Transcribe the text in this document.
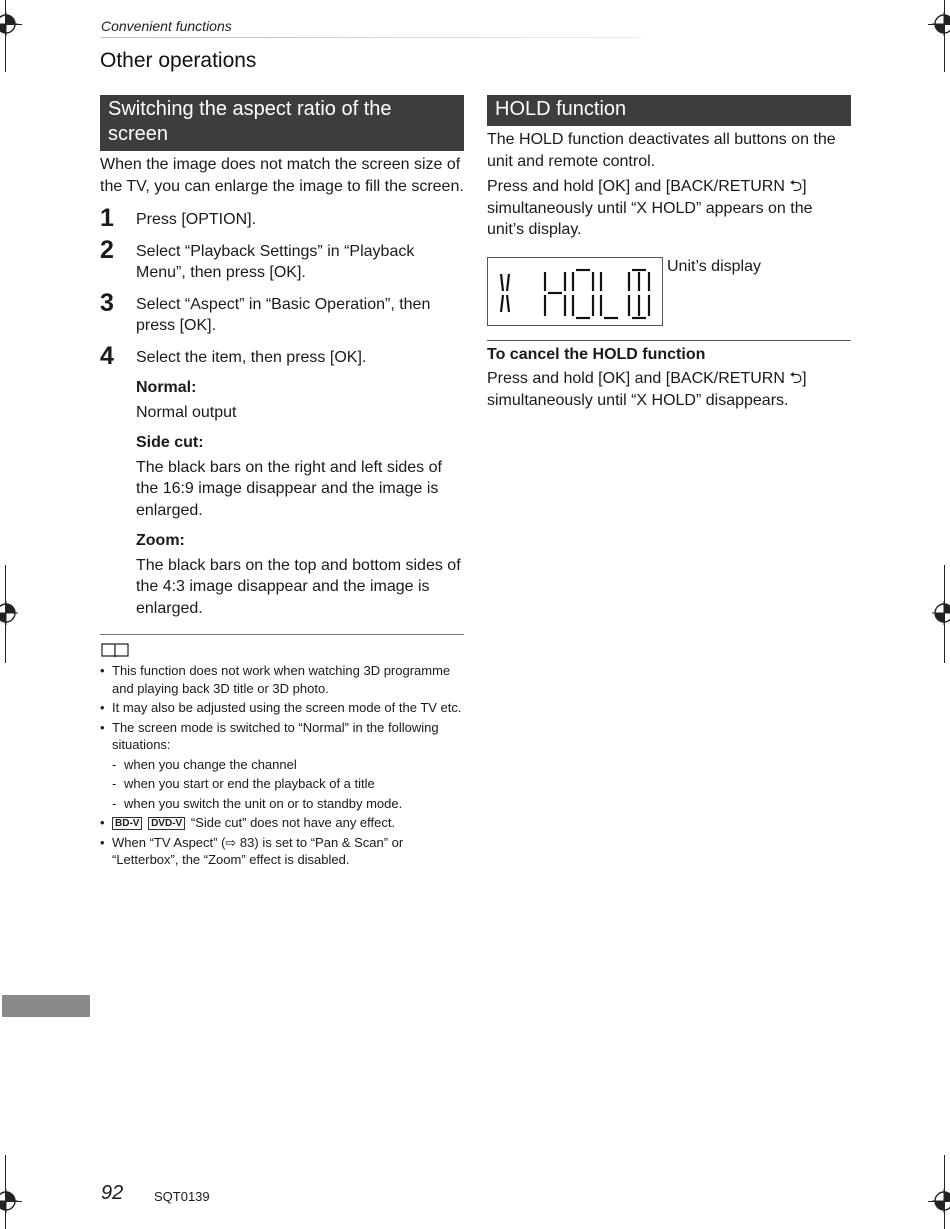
Convenient functions
Other operations
Switching the aspect ratio of the screen

When the image does not match the screen size of the TV, you can enlarge the image to fill the screen.

1 Press [OPTION].
2 Select “Playback Settings” in “Playback Menu”, then press [OK].
3 Select “Aspect” in “Basic Operation”, then press [OK].
4 Select the item, then press [OK].
Normal:
Normal output
Side cut:
The black bars on the right and left sides of the 16:9 image disappear and the image is enlarged.
Zoom:
The black bars on the top and bottom sides of the 4:3 image disappear and the image is enlarged.
• This function does not work when watching 3D programme and playing back 3D title or 3D photo.
• It may also be adjusted using the screen mode of the TV etc.
• The screen mode is switched to “Normal” in the following situations:
- when you change the channel
- when you start or end the playback of a title
- when you switch the unit on or to standby mode.
• BD-V DVD-V “Side cut” does not have any effect.
• When “TV Aspect” (⇨ 83) is set to “Pan & Scan” or “Letterbox”, the “Zoom” effect is disabled.
HOLD function

The HOLD function deactivates all buttons on the unit and remote control.

Press and hold [OK] and [BACK/RETURN ⮌] simultaneously until “X HOLD” appears on the unit’s display.

Unit’s display
To cancel the HOLD function

Press and hold [OK] and [BACK/RETURN ⮌] simultaneously until “X HOLD” disappears.

92 SQT0139
